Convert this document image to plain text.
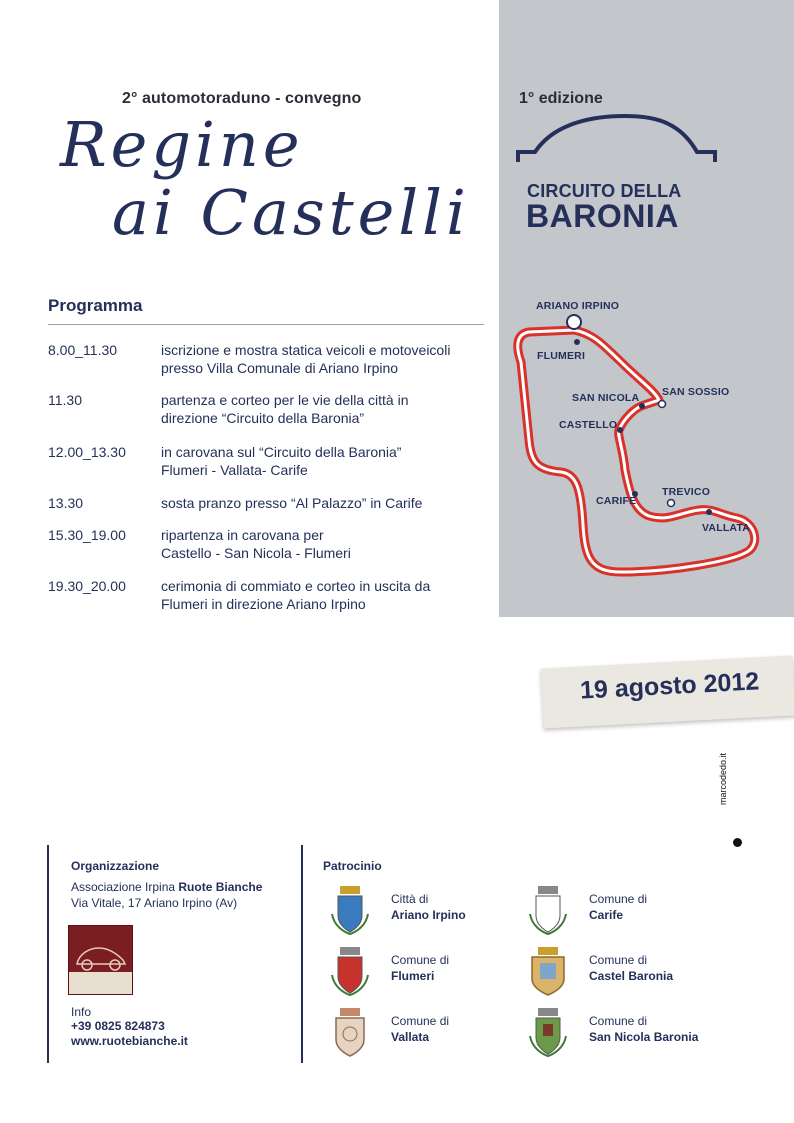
2° automotoraduno - convegno
Regine
ai Castelli
1° edizione
CIRCUITO DELLA
BARONIA
ARIANO IRPINO
FLUMERI
SAN NICOLA SAN SOSSIO
CASTELLO
TREVICO
CARIFE
VALLATA
Programma
8.00_11.30	iscrizione e mostra statica veicoli e motoveicoli
presso Villa Comunale di Ariano Irpino
11.30	partenza e corteo per le vie della città in
direzione “Circuito della Baronia”
12.00_13.30	in carovana sul “Circuito della Baronia”
Flumeri - Vallata- Carife
13.30	sosta pranzo presso “Al Palazzo” in Carife
15.30_19.00	ripartenza in carovana per
Castello - San Nicola - Flumeri
19.30_20.00	cerimonia di commiato e corteo in uscita da
Flumeri in direzione Ariano Irpino
19 agosto 2012
marcodedo.it
Organizzazione
Associazione Irpina Ruote Bianche
Via Vitale, 17 Ariano Irpino (Av)
Info
+39 0825 824873
www.ruotebianche.it
Patrocinio
Città di
Ariano Irpino
Comune di
Carife
Comune di
Flumeri
Comune di
Castel Baronia
Comune di
Vallata
Comune di
San Nicola Baronia
